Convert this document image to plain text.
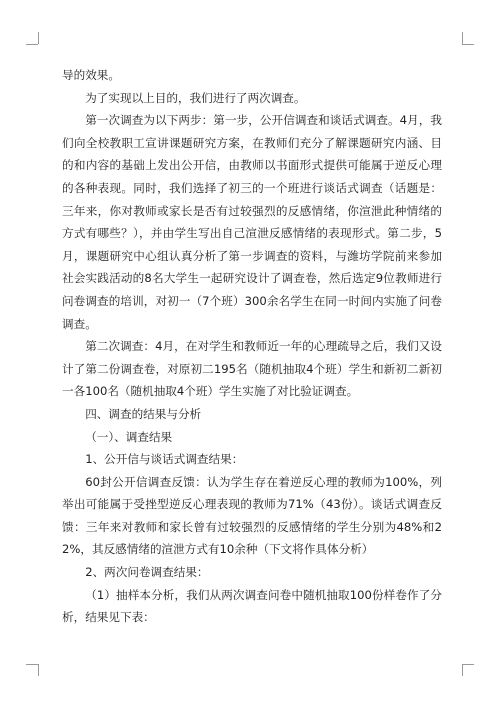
导的效果。

为了实现以上目的，我们进行了两次调查。

第一次调查为以下两步：第一步，公开信调查和谈话式调查。4月，我们向全校教职工宣讲课题研究方案，在教师们充分了解课题研究内涵、目的和内容的基础上发出公开信，由教师以书面形式提供可能属于逆反心理的各种表现。同时，我们选择了初三的一个班进行谈话式调查（话题是：三年来，你对教师或家长是否有过较强烈的反感情绪，你渲泄此种情绪的方式有哪些？），并由学生写出自己渲泄反感情绪的表现形式。第二步，5月，课题研究中心组认真分析了第一步调查的资料，与潍坊学院前来参加社会实践活动的8名大学生一起研究设计了调查卷，然后选定9位教师进行问卷调查的培训，对初一（7个班）300余名学生在同一时间内实施了问卷调查。

第二次调查：4月，在对学生和教师近一年的心理疏导之后，我们又设计了第二份调查卷，对原初二195名（随机抽取4个班）学生和新初二新初一各100名（随机抽取4个班）学生实施了对比验证调查。

四、调查的结果与分析

（一）、调查结果

1、公开信与谈话式调查结果：

60封公开信调查反馈：认为学生存在着逆反心理的教师为100%，列举出可能属于受挫型逆反心理表现的教师为71%（43份）。谈话式调查反馈：三年来对教师和家长曾有过较强烈的反感情绪的学生分别为48%和22%，其反感情绪的渲泄方式有10余种（下文将作具体分析）

2、两次问卷调查结果：

（1）抽样本分析，我们从两次调查问卷中随机抽取100份样卷作了分析，结果见下表：
